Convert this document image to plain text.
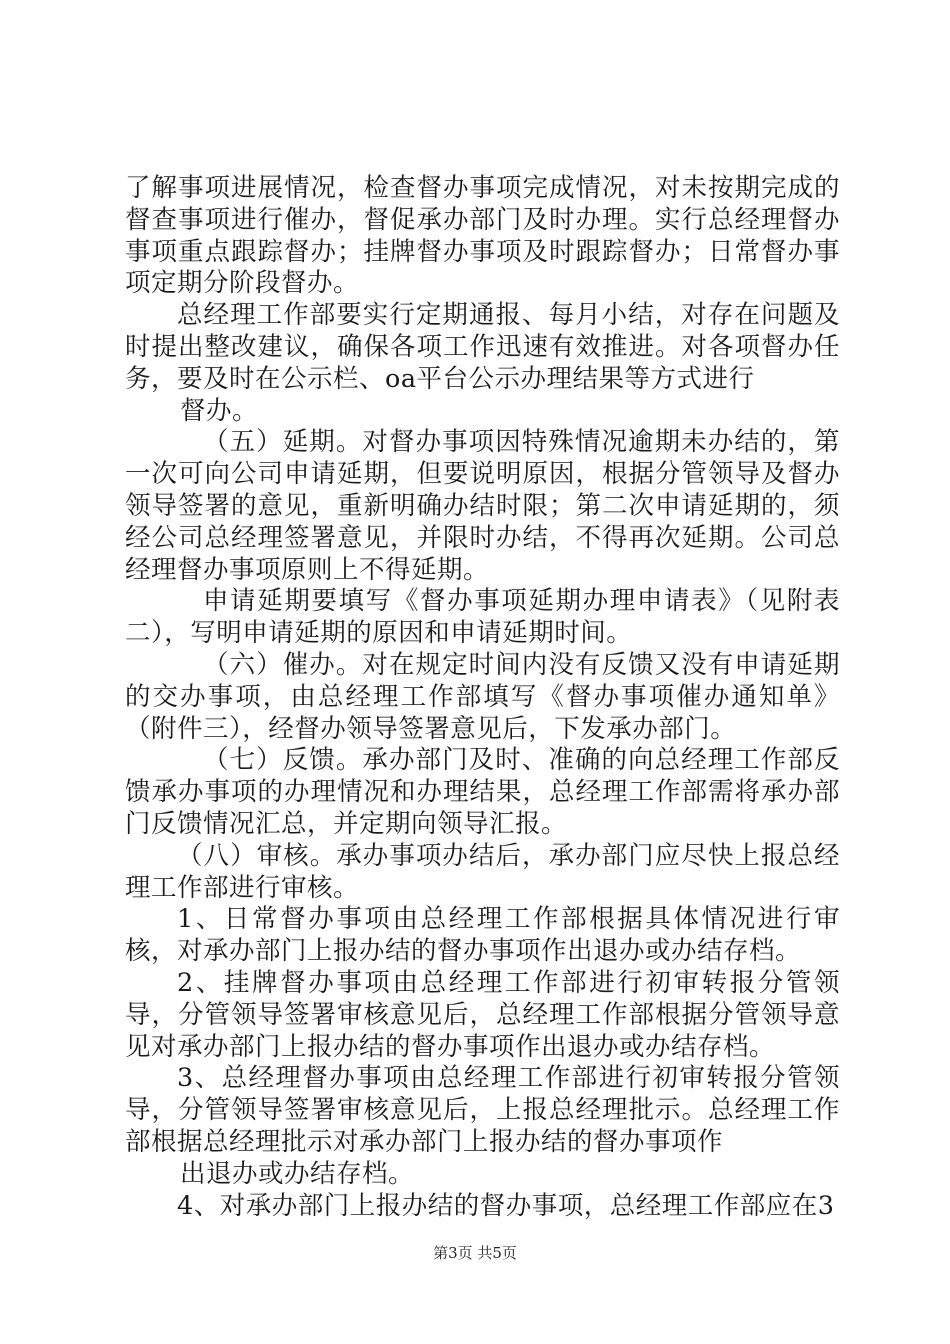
了解事项进展情况，检查督办事项完成情况，对未按期完成的督查事项进行催办，督促承办部门及时办理。实行总经理督办事项重点跟踪督办；挂牌督办事项及时跟踪督办；日常督办事项定期分阶段督办。

总经理工作部要实行定期通报、每月小结，对存在问题及时提出整改建议，确保各项工作迅速有效推进。对各项督办任务，要及时在公示栏、oa平台公示办理结果等方式进行

督办。

（五）延期。对督办事项因特殊情况逾期未办结的，第一次可向公司申请延期，但要说明原因，根据分管领导及督办领导签署的意见，重新明确办结时限；第二次申请延期的，须经公司总经理签署意见，并限时办结，不得再次延期。公司总经理督办事项原则上不得延期。

申请延期要填写《督办事项延期办理申请表》（见附表二），写明申请延期的原因和申请延期时间。

（六）催办。对在规定时间内没有反馈又没有申请延期的交办事项，由总经理工作部填写《督办事项催办通知单》（附件三），经督办领导签署意见后，下发承办部门。

（七）反馈。承办部门及时、准确的向总经理工作部反馈承办事项的办理情况和办理结果，总经理工作部需将承办部门反馈情况汇总，并定期向领导汇报。

（八）审核。承办事项办结后，承办部门应尽快上报总经理工作部进行审核。

1、日常督办事项由总经理工作部根据具体情况进行审核，对承办部门上报办结的督办事项作出退办或办结存档。

2、挂牌督办事项由总经理工作部进行初审转报分管领导，分管领导签署审核意见后，总经理工作部根据分管领导意见对承办部门上报办结的督办事项作出退办或办结存档。

3、总经理督办事项由总经理工作部进行初审转报分管领导，分管领导签署审核意见后，上报总经理批示。总经理工作部根据总经理批示对承办部门上报办结的督办事项作

出退办或办结存档。

4、对承办部门上报办结的督办事项，总经理工作部应在3

第3页 共5页
